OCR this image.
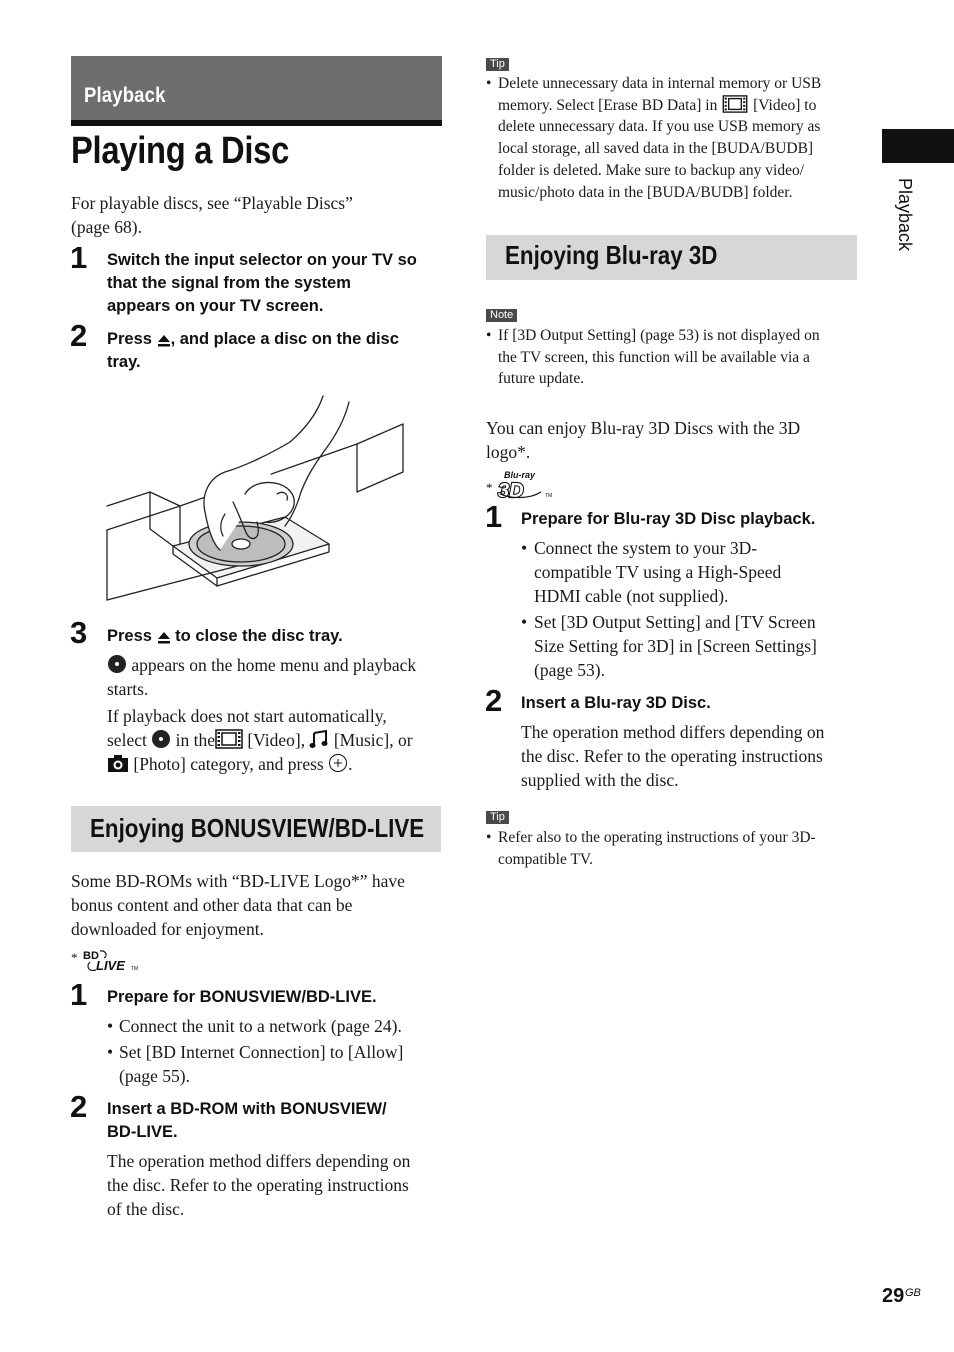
Playback
Playing a Disc
For playable discs, see “Playable Discs”
(page 68).
1 Switch the input selector on your TV so
that the signal from the system
appears on your TV screen.
2 Press , and place a disc on the disc
tray.
3 Press to close the disc tray.
appears on the home menu and playback
starts.
If playback does not start automatically,
select in the [Video], [Music], or
[Photo] category, and press .
Enjoying BONUSVIEW/BD-LIVE
Some BD-ROMs with “BD-LIVE Logo*” have
bonus content and other data that can be
downloaded for enjoyment.
* BD
LIVE TM
1 Prepare for BONUSVIEW/BD-LIVE.
• Connect the unit to a network (page 24).
• Set [BD Internet Connection] to [Allow]
(page 55).
2 Insert a BD-ROM with BONUSVIEW/
BD-LIVE.
The operation method differs depending on
the disc. Refer to the operating instructions
of the disc.
Tip
• Delete unnecessary data in internal memory or USB
memory. Select [Erase BD Data] in [Video] to
delete unnecessary data. If you use USB memory as
local storage, all saved data in the [BUDA/BUDB]
folder is deleted. Make sure to backup any video/
music/photo data in the [BUDA/BUDB] folder.
Enjoying Blu-ray 3D
Note
• If [3D Output Setting] (page 53) is not displayed on
the TV screen, this function will be available via a
future update.
You can enjoy Blu-ray 3D Discs with the 3D
logo*.
*
Blu-ray
3D	TM
1 Prepare for Blu-ray 3D Disc playback.
• Connect the system to your 3D-
compatible TV using a High-Speed
HDMI cable (not supplied).
• Set [3D Output Setting] and [TV Screen
Size Setting for 3D] in [Screen Settings]
(page 53).
2 Insert a Blu-ray 3D Disc.
The operation method differs depending on
the disc. Refer to the operating instructions
supplied with the disc.
Tip
• Refer also to the operating instructions of your 3D-
compatible TV.
Playback
29 GB
